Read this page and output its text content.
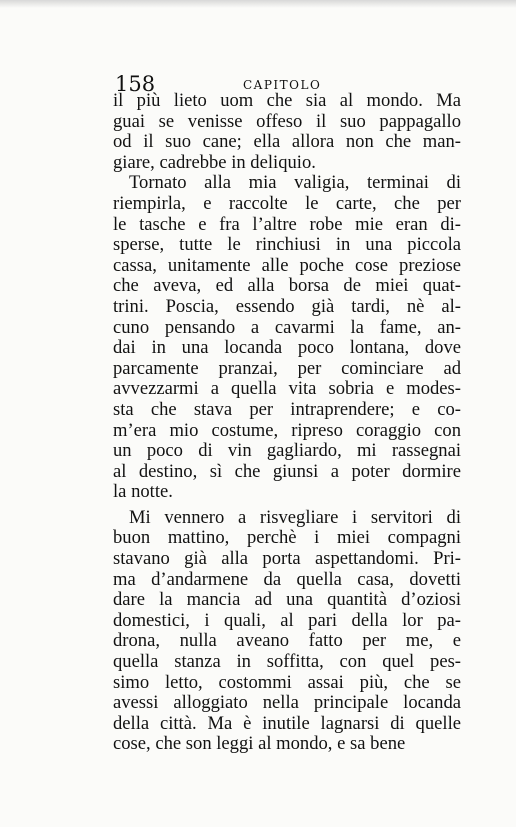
158	CAPITOLO
il più lieto uom che sia al mondo. Ma
guai se venisse offeso il suo pappagallo
od il suo cane; ella allora non che man-
giare, cadrebbe in deliquio.
Tornato alla mia valigia, terminai di
riempirla, e raccolte le carte, che per
le tasche e fra l’altre robe mie eran di-
sperse, tutte le rinchiusi in una piccola
cassa, unitamente alle poche cose preziose
che aveva, ed alla borsa de miei quat-
trini. Poscia, essendo già tardi, nè al-
cuno pensando a cavarmi la fame, an-
dai in una locanda poco lontana, dove
parcamente pranzai, per cominciare ad
avvezzarmi a quella vita sobria e modes-
sta che stava per intraprendere; e co-
m’era mio costume, ripreso coraggio con
un poco di vin gagliardo, mi rassegnai
al destino, sì che giunsi a poter dormire
la notte.
Mi vennero a risvegliare i servitori di
buon mattino, perchè i miei compagni
stavano già alla porta aspettandomi. Pri-
ma d’andarmene da quella casa, dovetti
dare la mancia ad una quantità d’oziosi
domestici, i quali, al pari della lor pa-
drona, nulla aveano fatto per me, e
quella stanza in soffitta, con quel pes-
simo letto, costommi assai più, che se
avessi alloggiato nella principale locanda
della città. Ma è inutile lagnarsi di quelle
cose, che son leggi al mondo, e sa bene
